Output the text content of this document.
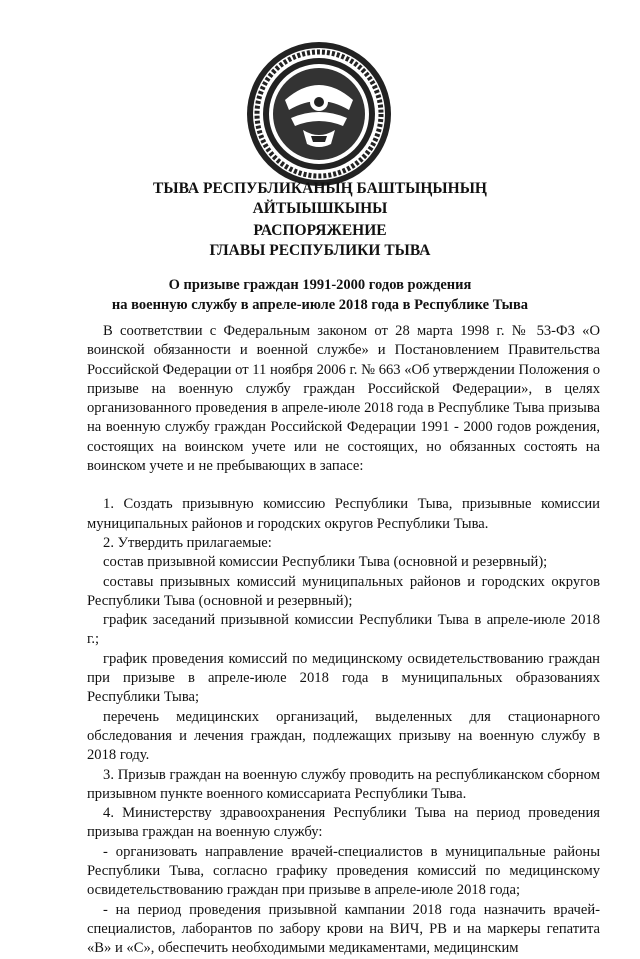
ТЫВА РЕСПУБЛИКАНЫҢ БАШТЫҢЫНЫҢ
АЙТЫЫШКЫНЫ
РАСПОРЯЖЕНИЕ
ГЛАВЫ РЕСПУБЛИКИ ТЫВА
О призыве граждан 1991-2000 годов рождения
на военную службу в апреле-июле 2018 года в Республике Тыва

В соответствии с Федеральным законом от 28 марта 1998 г. № 53-ФЗ «О воинской обязанности и военной службе» и Постановлением Правительства Российской Федерации от 11 ноября 2006 г. № 663 «Об утверждении Положения о призыве на военную службу граждан Российской Федерации», в целях организованного проведения в апреле-июле 2018 года в Республике Тыва призыва на военную службу граждан Российской Федерации 1991 - 2000 годов рождения, состоящих на воинском учете или не состоящих, но обязанных состоять на воинском учете и не пребывающих в запасе:

1. Создать призывную комиссию Республики Тыва, призывные комиссии муниципальных районов и городских округов Республики Тыва.

2. Утвердить прилагаемые:

состав призывной комиссии Республики Тыва (основной и резервный);

составы призывных комиссий муниципальных районов и городских округов Республики Тыва (основной и резервный);

график заседаний призывной комиссии Республики Тыва в апреле-июле 2018 г.;

график проведения комиссий по медицинскому освидетельствованию граждан при призыве в апреле-июле 2018 года в муниципальных образованиях Республики Тыва;

перечень медицинских организаций, выделенных для стационарного обследования и лечения граждан, подлежащих призыву на военную службу в 2018 году.

3. Призыв граждан на военную службу проводить на республиканском сборном призывном пункте военного комиссариата Республики Тыва.

4. Министерству здравоохранения Республики Тыва на период проведения призыва граждан на военную службу:

- организовать направление врачей-специалистов в муниципальные районы Республики Тыва, согласно графику проведения комиссий по медицинскому освидетельствованию граждан при призыве в апреле-июле 2018 года;

- на период проведения призывной кампании 2018 года назначить врачей-специалистов, лаборантов по забору крови на ВИЧ, РВ и на маркеры гепатита «В» и «С», обеспечить необходимыми медикаментами, медицинским
